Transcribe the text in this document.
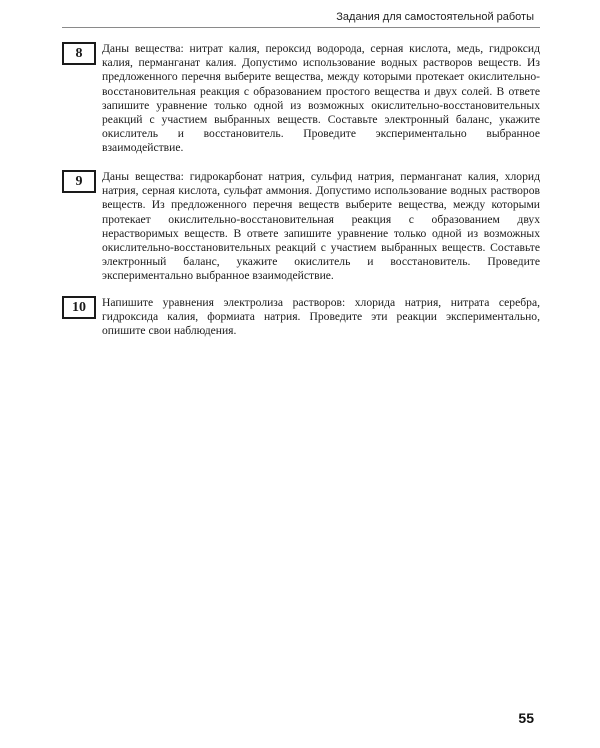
Задания для самостоятельной работы
8	Даны вещества: нитрат калия, пероксид водорода, серная кислота, медь, гидроксид калия, перманганат калия. Допустимо использование водных растворов веществ. Из предложенного перечня выберите вещества, между которыми протекает окислительно-восстановительная реакция с образованием простого вещества и двух солей. В ответе запишите уравнение только одной из возможных окислительно-восстановительных реакций с участием выбранных веществ. Составьте электронный баланс, укажите окислитель и восстановитель. Проведите экспериментально выбранное взаимодействие.

9	Даны вещества: гидрокарбонат натрия, сульфид натрия, перманганат калия, хлорид натрия, серная кислота, сульфат аммония. Допустимо использование водных растворов веществ. Из предложенного перечня веществ выберите вещества, между которыми протекает окислительно-восстановительная реакция с образованием двух нерастворимых веществ. В ответе запишите уравнение только одной из возможных окислительно-восстановительных реакций с участием выбранных веществ. Составьте электронный баланс, укажите окислитель и восстановитель. Проведите экспериментально выбранное взаимодействие.

10	Напишите уравнения электролиза растворов: хлорида натрия, нитрата серебра, гидроксида калия, формиата натрия. Проведите эти реакции экспериментально, опишите свои наблюдения.

55
